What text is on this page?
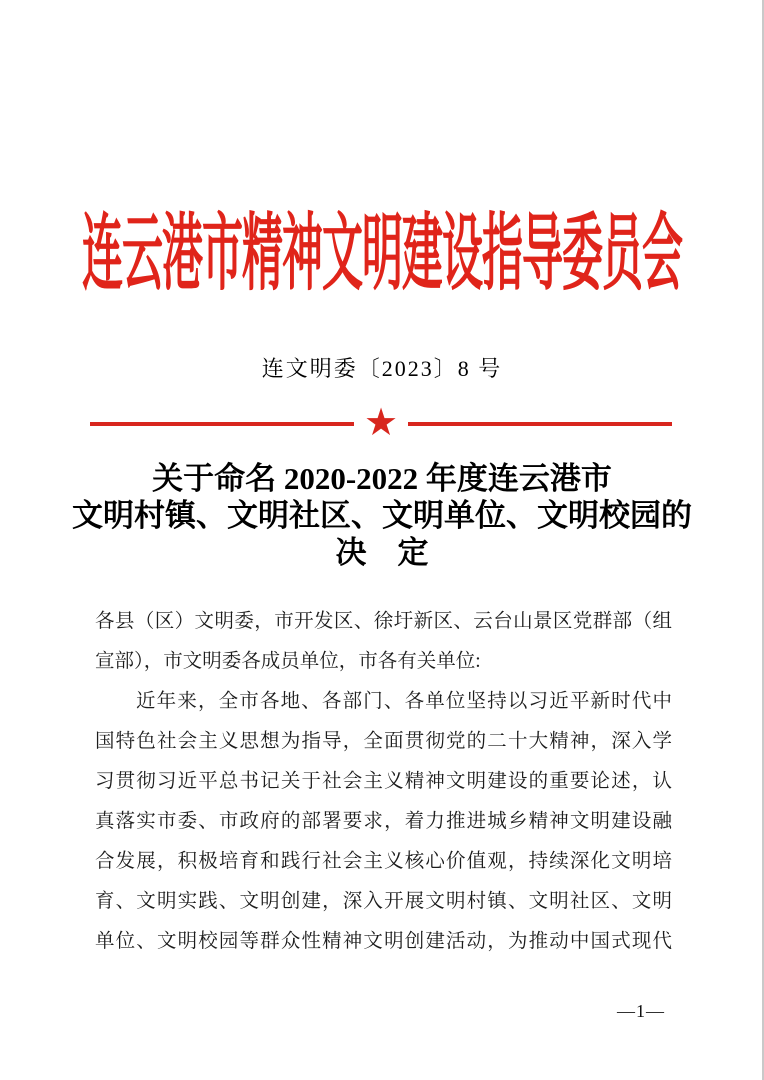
连云港市精神文明建设指导委员会
连文明委〔2023〕8 号
★
关于命名 2020-2022 年度连云港市
文明村镇、文明社区、文明单位、文明校园的
决　定
各县（区）文明委，市开发区、徐圩新区、云台山景区党群部（组
宣部），市文明委各成员单位，市各有关单位:
近年来，全市各地、各部门、各单位坚持以习近平新时代中
国特色社会主义思想为指导，全面贯彻党的二十大精神，深入学
习贯彻习近平总书记关于社会主义精神文明建设的重要论述，认
真落实市委、市政府的部署要求，着力推进城乡精神文明建设融
合发展，积极培育和践行社会主义核心价值观，持续深化文明培
育、文明实践、文明创建，深入开展文明村镇、文明社区、文明
单位、文明校园等群众性精神文明创建活动，为推动中国式现代
—1—
